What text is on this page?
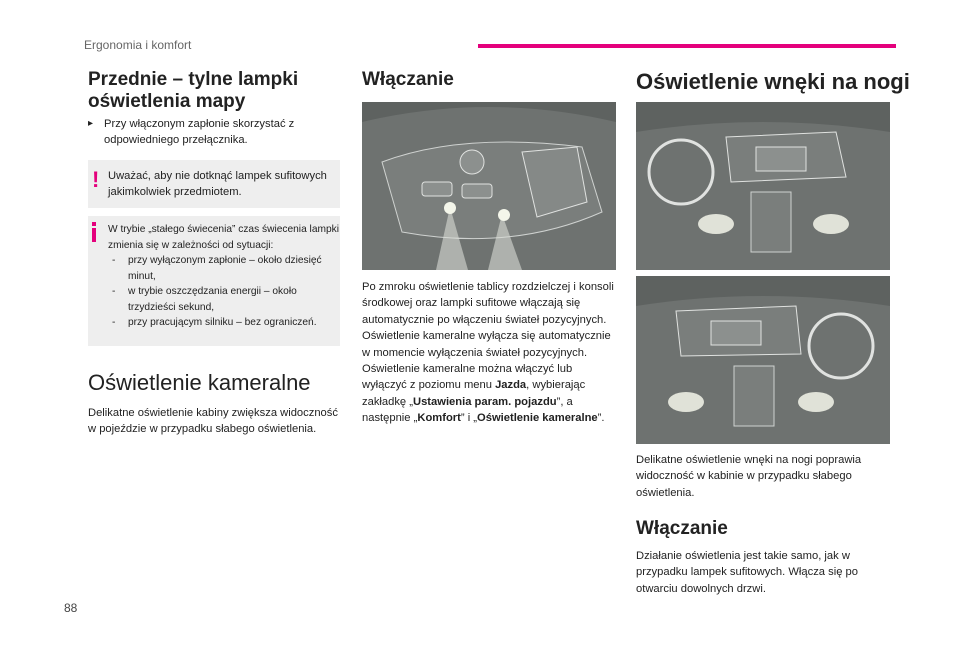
Ergonomia i komfort
Przednie – tylne lampki oświetlenia mapy
▸ Przy włączonym zapłonie skorzystać z odpowiedniego przełącznika.
! Uważać, aby nie dotknąć lampek sufitowych jakimkolwiek przedmiotem.
W trybie „stałego świecenia” czas świecenia lampki zmienia się w zależności od sytuacji:
- przy wyłączonym zapłonie – około dziesięć minut,
- w trybie oszczędzania energii – około trzydzieści sekund,
- przy pracującym silniku – bez ograniczeń.
Oświetlenie kameralne
Delikatne oświetlenie kabiny zwiększa widoczność w pojeździe w przypadku słabego oświetlenia.
Włączanie
Po zmroku oświetlenie tablicy rozdzielczej i konsoli środkowej oraz lampki sufitowe włączają się automatycznie po włączeniu świateł pozycyjnych.
Oświetlenie kameralne wyłącza się automatycznie w momencie wyłączenia świateł pozycyjnych.
Oświetlenie kameralne można włączyć lub wyłączyć z poziomu menu Jazda, wybierając zakładkę „Ustawienia param. pojazdu”, a następnie „Komfort” i „Oświetlenie kameralne”.
Oświetlenie wnęki na nogi
Delikatne oświetlenie wnęki na nogi poprawia widoczność w kabinie w przypadku słabego oświetlenia.
Włączanie
Działanie oświetlenia jest takie samo, jak w przypadku lampek sufitowych. Włącza się po otwarciu dowolnych drzwi.
88
